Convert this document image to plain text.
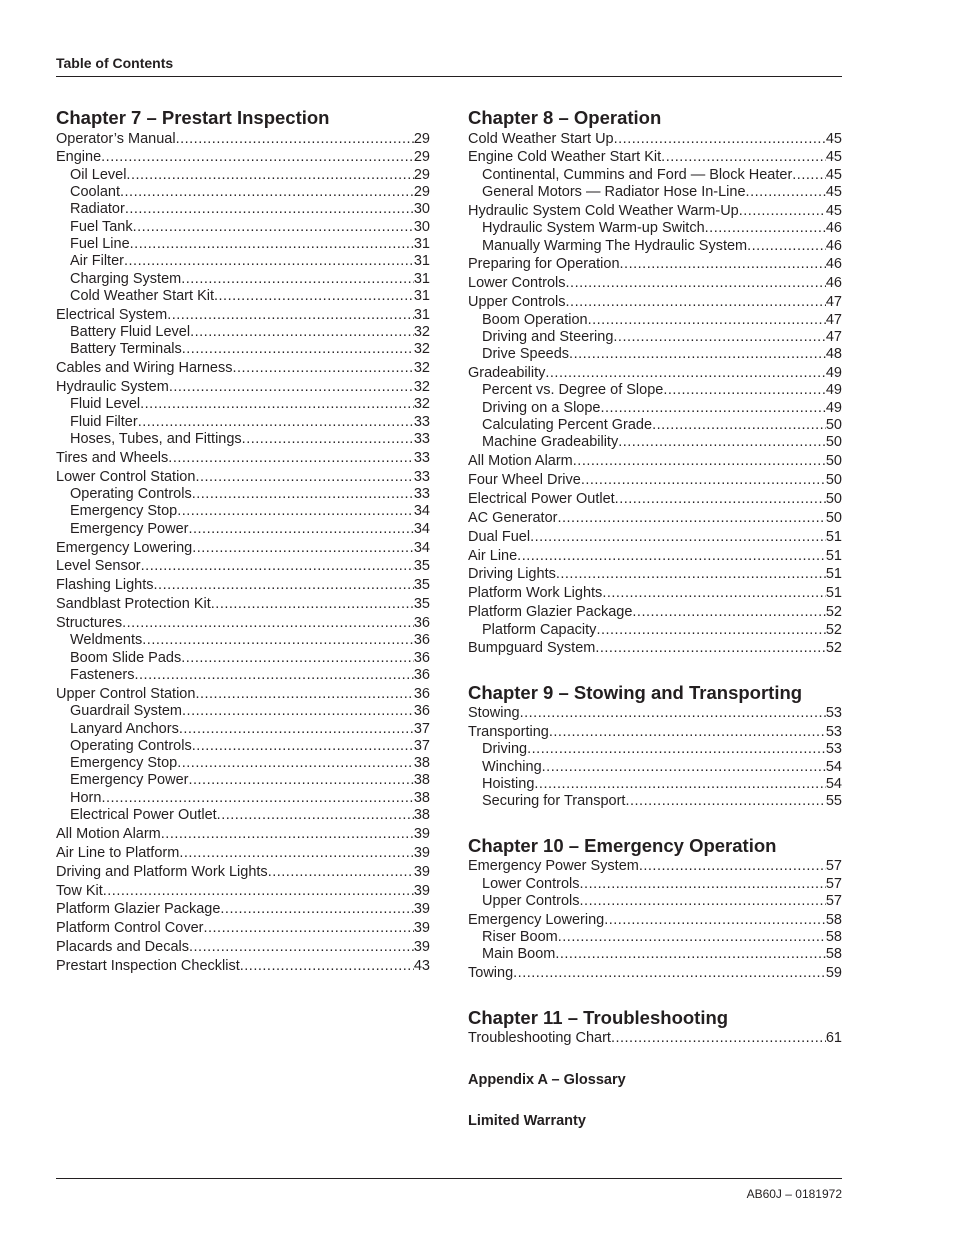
Table of Contents
Chapter 7 – Prestart Inspection
Operator’s Manual .....	29
Engine .....	29
Oil Level .....	29
Coolant .....	29
Radiator .....	30
Fuel Tank .....	30
Fuel Line .....	31
Air Filter .....	31
Charging System .....	31
Cold Weather Start Kit .....	31
Electrical System .....	31
Battery Fluid Level .....	32
Battery Terminals .....	32
Cables and Wiring Harness .....	32
Hydraulic System .....	32
Fluid Level .....	32
Fluid Filter .....	33
Hoses, Tubes, and Fittings .....	33
Tires and Wheels .....	33
Lower Control Station .....	33
Operating Controls .....	33
Emergency Stop .....	34
Emergency Power .....	34
Emergency Lowering .....	34
Level Sensor .....	35
Flashing Lights .....	35
Sandblast Protection Kit .....	35
Structures .....	36
Weldments .....	36
Boom Slide Pads .....	36
Fasteners .....	36
Upper Control Station .....	36
Guardrail System .....	36
Lanyard Anchors .....	37
Operating Controls .....	37
Emergency Stop .....	38
Emergency Power .....	38
Horn .....	38
Electrical Power Outlet .....	38
All Motion Alarm .....	39
Air Line to Platform .....	39
Driving and Platform Work Lights .....	39
Tow Kit .....	39
Platform Glazier Package .....	39
Platform Control Cover .....	39
Placards and Decals .....	39
Prestart Inspection Checklist .....	43
Chapter 8 – Operation
Cold Weather Start Up .....	45
Engine Cold Weather Start Kit .....	45
Continental, Cummins and Ford — Block Heater ..... 45
General Motors — Radiator Hose In-Line .....	45
Hydraulic System Cold Weather Warm-Up .....	45
Hydraulic System Warm-up Switch .....	46
Manually Warming The Hydraulic System .....	46
Preparing for Operation .....	46
Lower Controls .....	46
Upper Controls .....	47
Boom Operation .....	47
Driving and Steering .....	47
Drive Speeds .....	48
Gradeability .....	49
Percent vs. Degree of Slope .....	49
Driving on a Slope .....	49
Calculating Percent Grade .....	50
Machine Gradeability .....	50
All Motion Alarm .....	50
Four Wheel Drive .....	50
Electrical Power Outlet .....	50
AC Generator .....	50
Dual Fuel .....	51
Air Line .....	51
Driving Lights .....	51
Platform Work Lights .....	51
Platform Glazier Package .....	52
Platform Capacity .....	52
Bumpguard System .....	52
Chapter 9 – Stowing and Transporting
Stowing .....	53
Transporting .....	53
Driving .....	53
Winching .....	54
Hoisting .....	54
Securing for Transport .....	55
Chapter 10 – Emergency Operation
Emergency Power System .....	57
Lower Controls .....	57
Upper Controls .....	57
Emergency Lowering .....	58
Riser Boom .....	58
Main Boom .....	58
Towing .....	59
Chapter 11 – Troubleshooting
Troubleshooting Chart .....	61
Appendix A – Glossary
Limited Warranty
AB60J – 0181972
